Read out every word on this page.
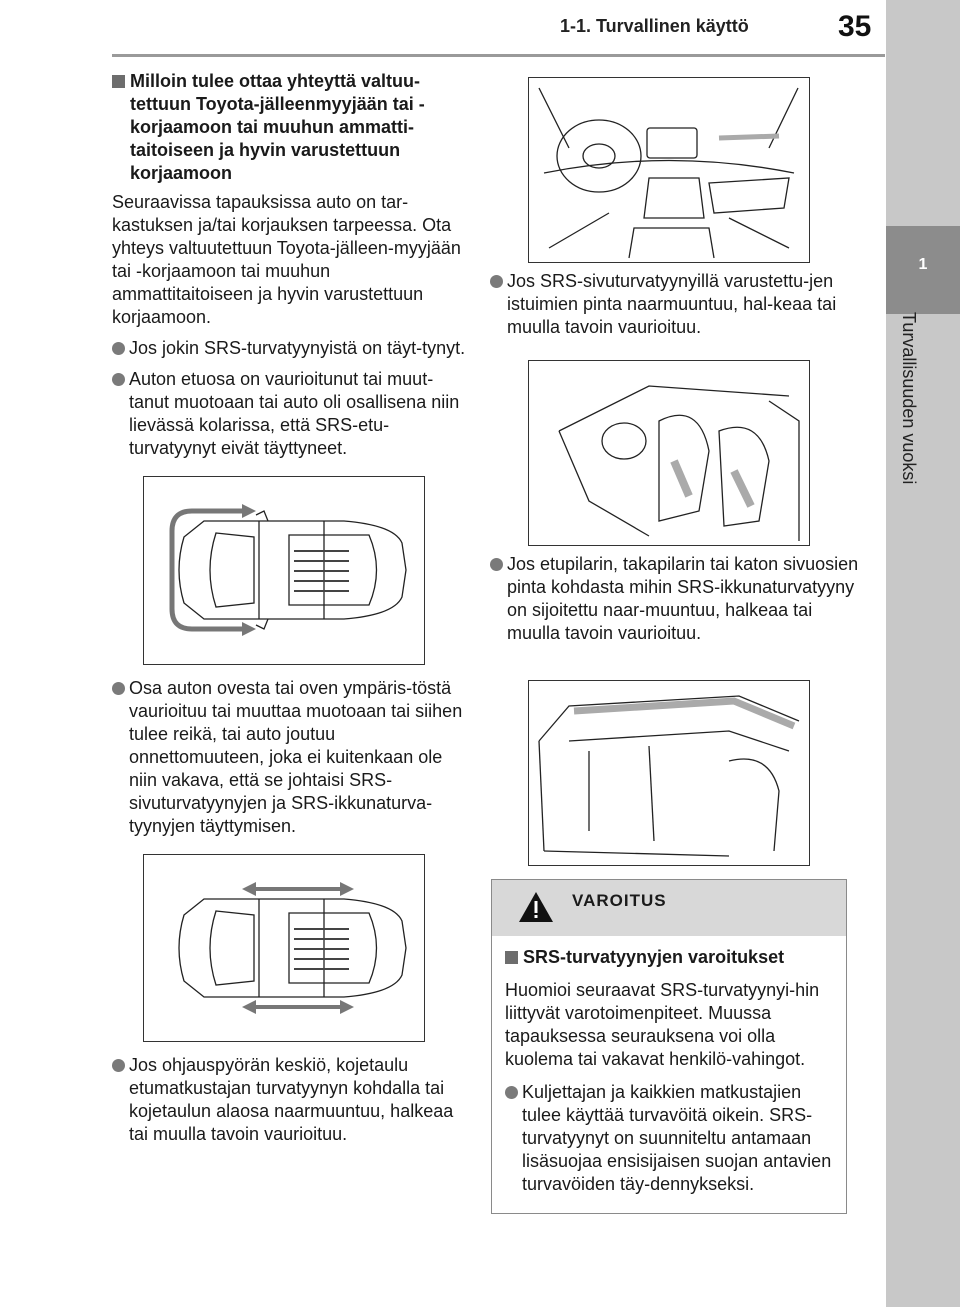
1-1. Turvallinen käyttö	35
1
Turvallisuuden vuoksi
Milloin tulee ottaa yhteyttä valtuu-tettuun Toyota-jälleenmyyjään tai -korjaamoon tai muuhun ammatti-taitoiseen ja hyvin varustettuun korjaamoon

Seuraavissa tapauksissa auto on tar-kastuksen ja/tai korjauksen tarpeessa. Ota yhteys valtuutettuun Toyota-jälleen-myyjään tai -korjaamoon tai muuhun ammattitaitoiseen ja hyvin varustettuun korjaamoon.

Jos jokin SRS-turvatyynyistä on täyt-tynyt.
Auton etuosa on vaurioitunut tai muut-tanut muotoaan tai auto oli osallisena niin lievässä kolarissa, että SRS-etu-turvatyynyt eivät täyttyneet.
Osa auton ovesta tai oven ympäris-töstä vaurioituu tai muuttaa muotoaan tai siihen tulee reikä, tai auto joutuu onnettomuuteen, joka ei kuitenkaan ole niin vakava, että se johtaisi SRS-sivuturvatyynyjen ja SRS-ikkunaturva-tyynyjen täyttymisen.
Jos ohjauspyörän keskiö, kojetaulu etumatkustajan turvatyynyn kohdalla tai kojetaulun alaosa naarmuuntuu, halkeaa tai muulla tavoin vaurioituu.
Jos SRS-sivuturvatyynyillä varustettu-jen istuimien pinta naarmuuntuu, hal-keaa tai muulla tavoin vaurioituu.
Jos etupilarin, takapilarin tai katon sivuosien pinta kohdasta mihin SRS-ikkunaturvatyyny on sijoitettu naar-muuntuu, halkeaa tai muulla tavoin vaurioituu.
VAROITUS
SRS-turvatyynyjen varoitukset

Huomioi seuraavat SRS-turvatyynyi-hin liittyvät varotoimenpiteet. Muussa tapauksessa seurauksena voi olla kuolema tai vakavat henkilö-vahingot.

Kuljettajan ja kaikkien matkustajien tulee käyttää turvavöitä oikein. SRS-turvatyynyt on suunniteltu antamaan lisäsuojaa ensisijaisen suojan antavien turvavöiden täy-dennykseksi.
